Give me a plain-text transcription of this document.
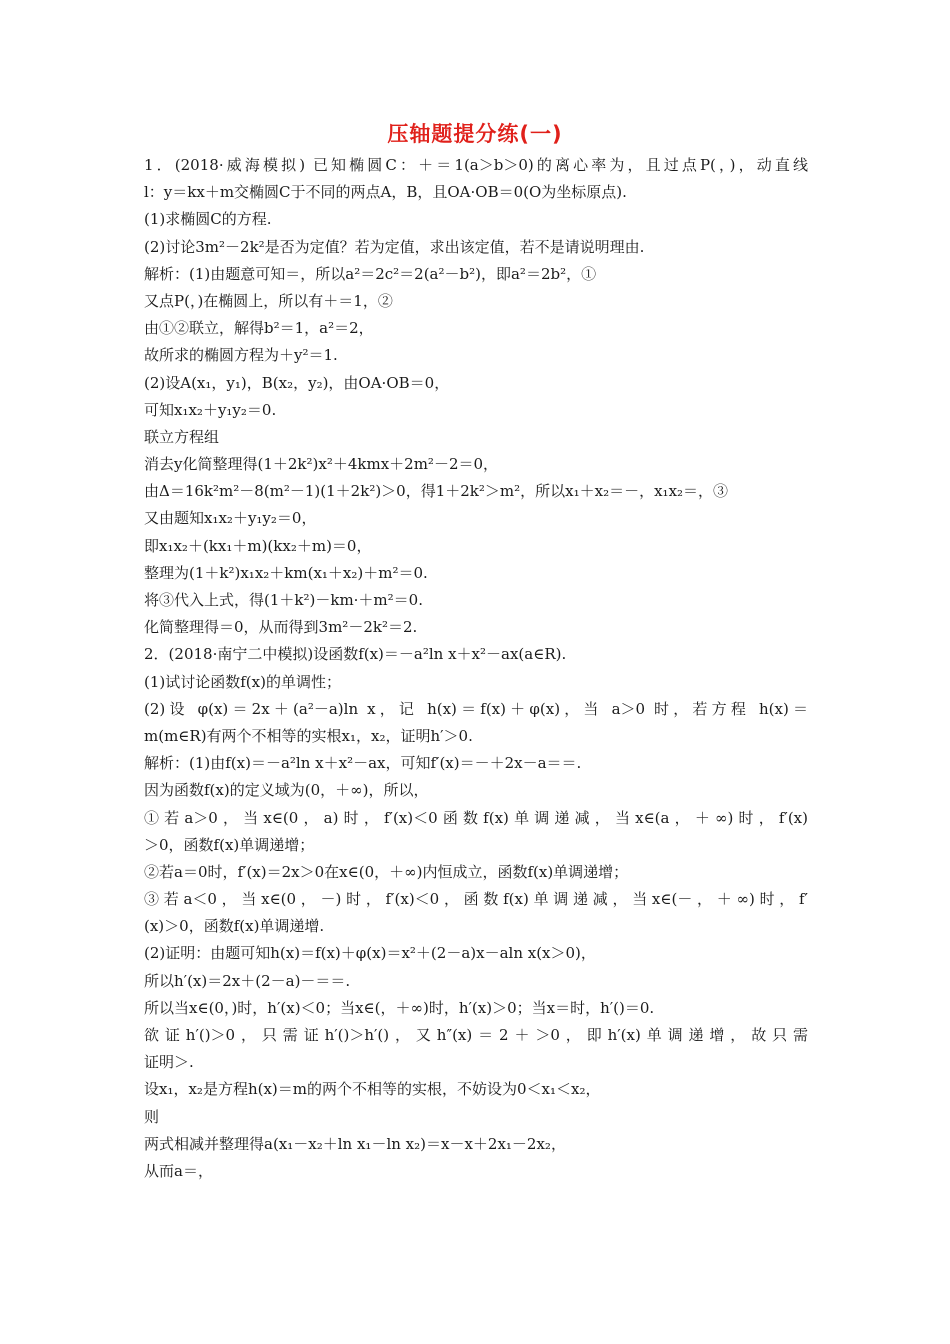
压轴题提分练(一)
1．(2018·威海模拟) 已知椭圆C：＋＝1(a＞b＞0)的离心率为，且过点P(，)，动直线
l：y＝kx＋m交椭圆C于不同的两点A，B，且OA·OB＝0(O为坐标原点).
(1)求椭圆C的方程.
(2)讨论3m²－2k²是否为定值？若为定值，求出该定值，若不是请说明理由.
解析：(1)由题意可知＝，所以a²＝2c²＝2(a²－b²)，即a²＝2b²，①
又点P(，)在椭圆上，所以有＋＝1，②
由①②联立，解得b²＝1，a²＝2，
故所求的椭圆方程为＋y²＝1.
(2)设A(x₁，y₁)，B(x₂，y₂)，由OA·OB＝0，
可知x₁x₂＋y₁y₂＝0.
联立方程组
消去y化简整理得(1＋2k²)x²＋4kmx＋2m²－2＝0，
由Δ＝16k²m²－8(m²－1)(1＋2k²)＞0，得1＋2k²＞m²，所以x₁＋x₂＝－，x₁x₂＝，③
又由题知x₁x₂＋y₁y₂＝0，
即x₁x₂＋(kx₁＋m)(kx₂＋m)＝0，
整理为(1＋k²)x₁x₂＋km(x₁＋x₂)＋m²＝0.
将③代入上式，得(1＋k²)－km·＋m²＝0.
化简整理得＝0，从而得到3m²－2k²＝2.
2．(2018·南宁二中模拟)设函数f(x)＝－a²ln x＋x²－ax(a∈R).
(1)试讨论函数f(x)的单调性；
(2)设 φ(x)＝2x＋(a²－a)ln x，记 h(x)＝f(x)＋φ(x)，当 a＞0 时，若方程 h(x)＝
m(m∈R)有两个不相等的实根x₁，x₂，证明h′＞0.
解析：(1)由f(x)＝－a²ln x＋x²－ax，可知f′(x)＝－＋2x－a＝＝.
因为函数f(x)的定义域为(0，＋∞)，所以，
①若a＞0，当x∈(0，a)时，f′(x)＜0函数f(x)单调递减，当x∈(a，＋∞)时，f′(x)
＞0，函数f(x)单调递增；
②若a＝0时，f′(x)＝2x＞0在x∈(0，＋∞)内恒成立，函数f(x)单调递增；
③若a＜0，当x∈(0，－)时，f′(x)＜0，函数f(x)单调递减，当x∈(－，＋∞)时，f′
(x)＞0，函数f(x)单调递增.
(2)证明：由题可知h(x)＝f(x)＋φ(x)＝x²＋(2－a)x－aln x(x＞0)，
所以h′(x)＝2x＋(2－a)－＝＝.
所以当x∈(0，)时，h′(x)＜0；当x∈(，＋∞)时，h′(x)＞0；当x＝时，h′()＝0.
欲证h′()＞0，只需证h′()＞h′()，又h″(x)＝2＋＞0，即h′(x)单调递增，故只需
证明＞.
设x₁，x₂是方程h(x)＝m的两个不相等的实根，不妨设为0＜x₁＜x₂，
则
两式相减并整理得a(x₁－x₂＋ln x₁－ln x₂)＝x－x＋2x₁－2x₂，
从而a＝，
